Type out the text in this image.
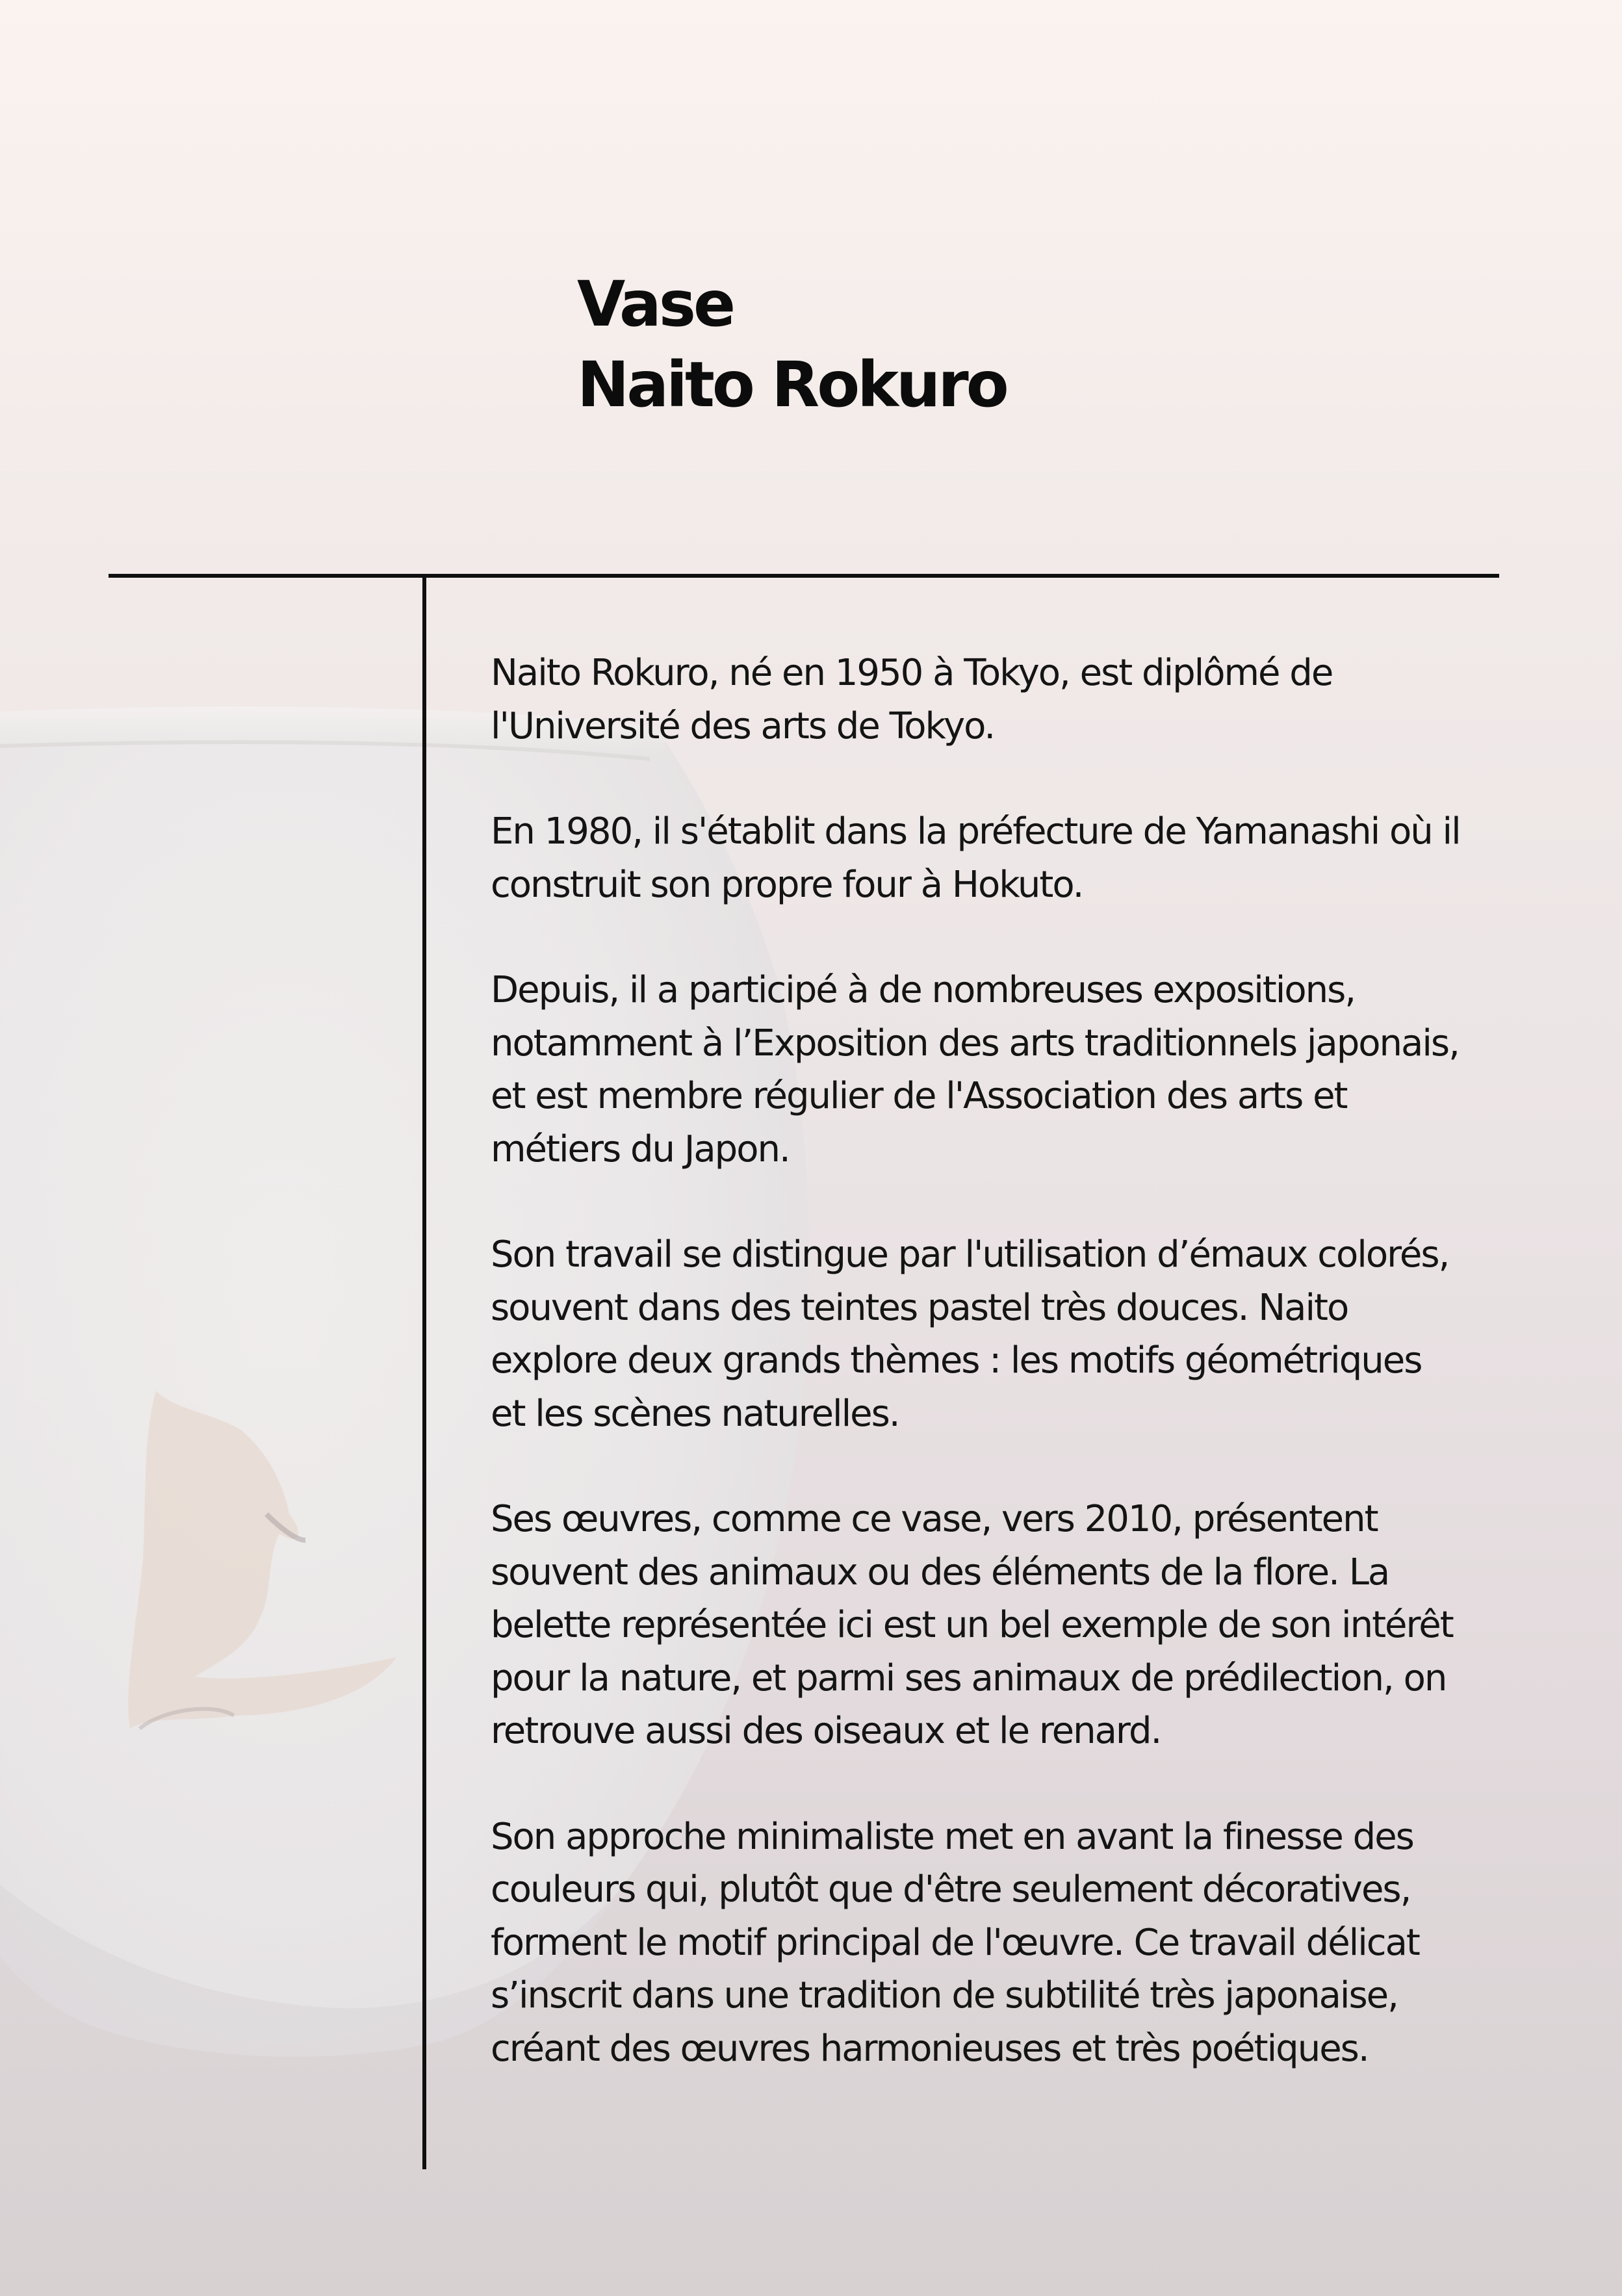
Vase
Naito Rokuro

Naito Rokuro, né en 1950 à Tokyo, est diplômé de
l'Université des arts de Tokyo.

En 1980, il s'établit dans la préfecture de Yamanashi où il
construit son propre four à Hokuto.

Depuis, il a participé à de nombreuses expositions,
notamment à l’Exposition des arts traditionnels japonais,
et est membre régulier de l'Association des arts et
métiers du Japon.

Son travail se distingue par l'utilisation d’émaux colorés,
souvent dans des teintes pastel très douces. Naito
explore deux grands thèmes : les motifs géométriques
et les scènes naturelles.

Ses œuvres, comme ce vase, vers 2010, présentent
souvent des animaux ou des éléments de la flore. La
belette représentée ici est un bel exemple de son intérêt
pour la nature, et parmi ses animaux de prédilection, on
retrouve aussi des oiseaux et le renard.

Son approche minimaliste met en avant la finesse des
couleurs qui, plutôt que d'être seulement décoratives,
forment le motif principal de l'œuvre. Ce travail délicat
s’inscrit dans une tradition de subtilité très japonaise,
créant des œuvres harmonieuses et très poétiques.
